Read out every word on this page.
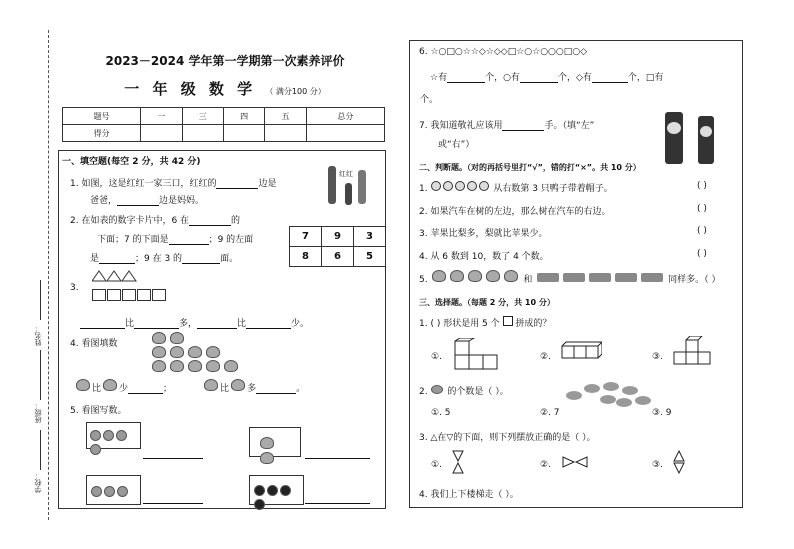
姓名：
班级：
学校：
2023－2024 学年第一学期第一次素养评价
一 年 级 数 学 （ 满分100 分）
题号	一	三	四	五	总分
得分					
一、填空题(每空 2 分，共 42 分)
1. 如图，这是红红一家三口，红红的	边是
爸爸，	边是妈妈。
红红
2. 在如表的数字卡片中，6 在	的
下面；7 的下面是	；9 的左面
是	；9 在 3 的	面。
7	9	3
8	6	5
3.
比	多，	比	少。
4. 看图填数
比 少	；	比 多	。
5. 看图写数。
6. ☆○□○☆☆◇☆◇◇□☆○☆○○○□○◇
☆有	个，○有	个，◇有	个，□有
个。
7. 我知道敬礼应该用	手。（填“左”
或“右”）
二、判断题。（对的再括号里打“√”，错的打“×”。共 10 分）
1.	从右数第 3 只鸭子带着帽子。	( )
2. 如果汽车在树的左边，那么树在汽车的右边。	( )
3. 苹果比梨多，梨就比苹果少。	( )
4. 从 6 数到 10，数了 4 个数。	( )
5.	和	同样多。（ ）
三、选择题。（每题 2 分，共 10 分）
1. ( ) 形状是用 5 个 拼成的？
①.	②.	③.
2. 的个数是（ ）。
①. 5	②. 7	③. 9
3. △在▽的下面，则下列摆放正确的是（ ）。
①.	②.	③.
4. 我们上下楼梯走（ ）。
